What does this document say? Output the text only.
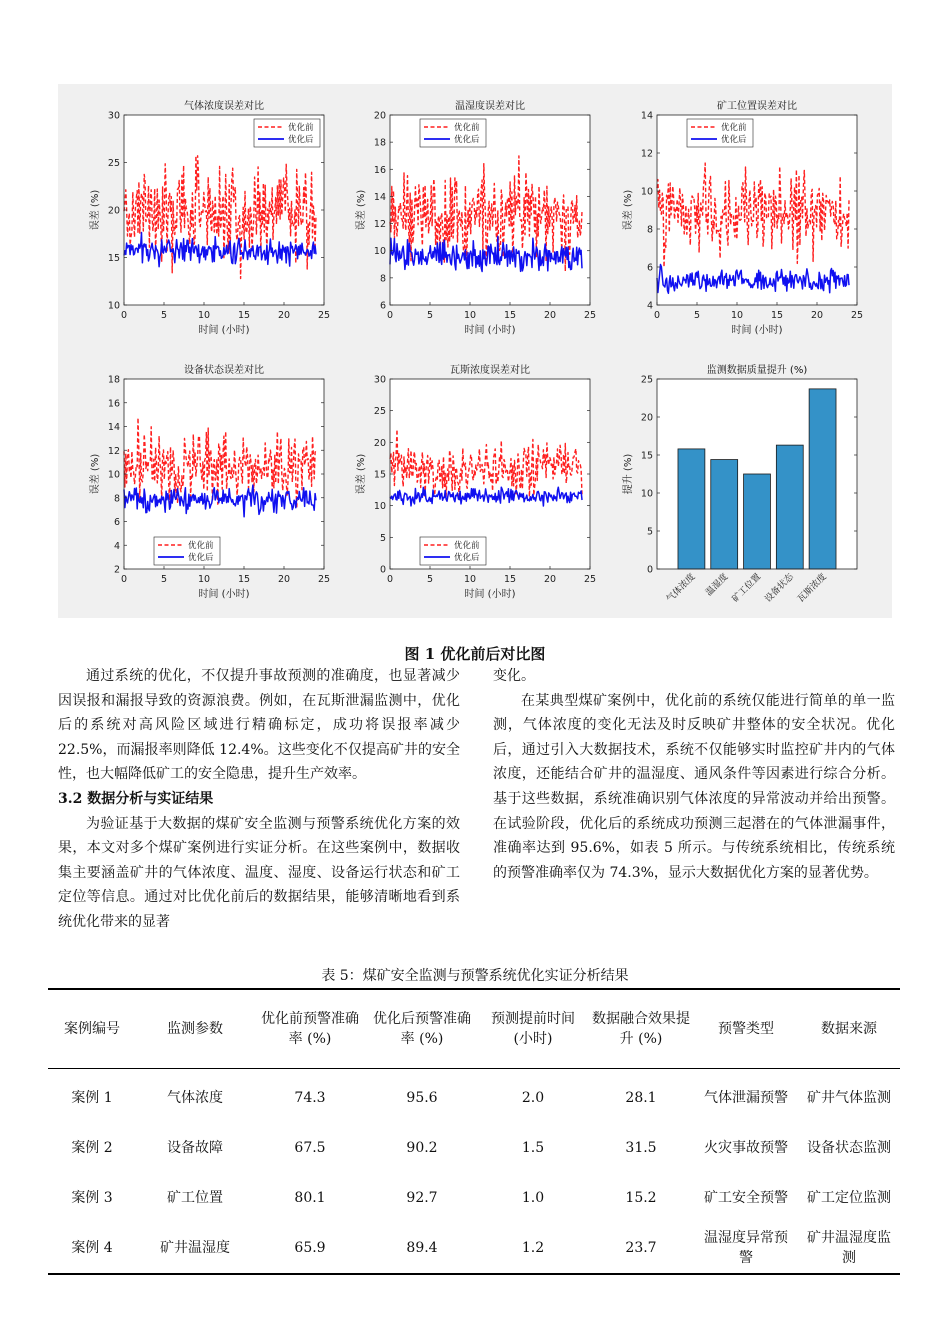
10
15
20
25
30
0	5	10	15	20	25
气体浓度误差对比
时间 (小时)
误差 (%)
优化前
优化后
6
8
10
12
14
16
18
20
0	5	10	15	20	25
温湿度误差对比
时间 (小时)
误差 (%)
优化前
优化后
4
6
8
10
12
14
0	5	10	15	20	25
矿工位置误差对比
时间 (小时)
误差 (%)
优化前
优化后
2
4
6
8
10
12
14
16
18
0	5	10	15	20	25
设备状态误差对比
时间 (小时)
误差 (%)
优化前
优化后
0
5
10
15
20
25
30
0	5	10	15	20	25
瓦斯浓度误差对比
时间 (小时)
误差 (%)
优化前
优化后
气体浓度 温湿度 矿工位置 设备状态 瓦斯浓度
0
5
10
15
20
25
监测数据质量提升 (%)
提升 (%)
图 1 优化前后对比图

通过系统的优化，不仅提升事故预测的准确度，也显著减少因误报和漏报导致的资源浪费。例如，在瓦斯泄漏监测中，优化后的系统对高风险区域进行精确标定，成功将误报率减少 22.5%，而漏报率则降低 12.4%。这些变化不仅提高矿井的安全性，也大幅降低矿工的安全隐患，提升生产效率。

3.2 数据分析与实证结果

为验证基于大数据的煤矿安全监测与预警系统优化方案的效果，本文对多个煤矿案例进行实证分析。在这些案例中，数据收集主要涵盖矿井的气体浓度、温度、湿度、设备运行状态和矿工定位等信息。通过对比优化前后的数据结果，能够清晰地看到系统优化带来的显著

变化。

在某典型煤矿案例中，优化前的系统仅能进行简单的单一监测，气体浓度的变化无法及时反映矿井整体的安全状况。优化后，通过引入大数据技术，系统不仅能够实时监控矿井内的气体浓度，还能结合矿井的温湿度、通风条件等因素进行综合分析。基于这些数据，系统准确识别气体浓度的异常波动并给出预警。在试验阶段，优化后的系统成功预测三起潜在的气体泄漏事件，准确率达到 95.6%，如表 5 所示。与传统系统相比，传统系统的预警准确率仅为 74.3%，显示大数据优化方案的显著优势。

表 5：煤矿安全监测与预警系统优化实证分析结果
案例编号	监测参数	优化前预警准确率 (%)	优化后预警准确率 (%)	预测提前时间 (小时)	数据融合效果提升 (%)	预警类型	数据来源
案例 1	气体浓度	74.3	95.6	2.0	28.1	气体泄漏预警	矿井气体监测
案例 2	设备故障	67.5	90.2	1.5	31.5	火灾事故预警	设备状态监测
案例 3	矿工位置	80.1	92.7	1.0	15.2	矿工安全预警	矿工定位监测
案例 4	矿井温湿度	65.9	89.4	1.2	23.7	温湿度异常预警	矿井温湿度监测
